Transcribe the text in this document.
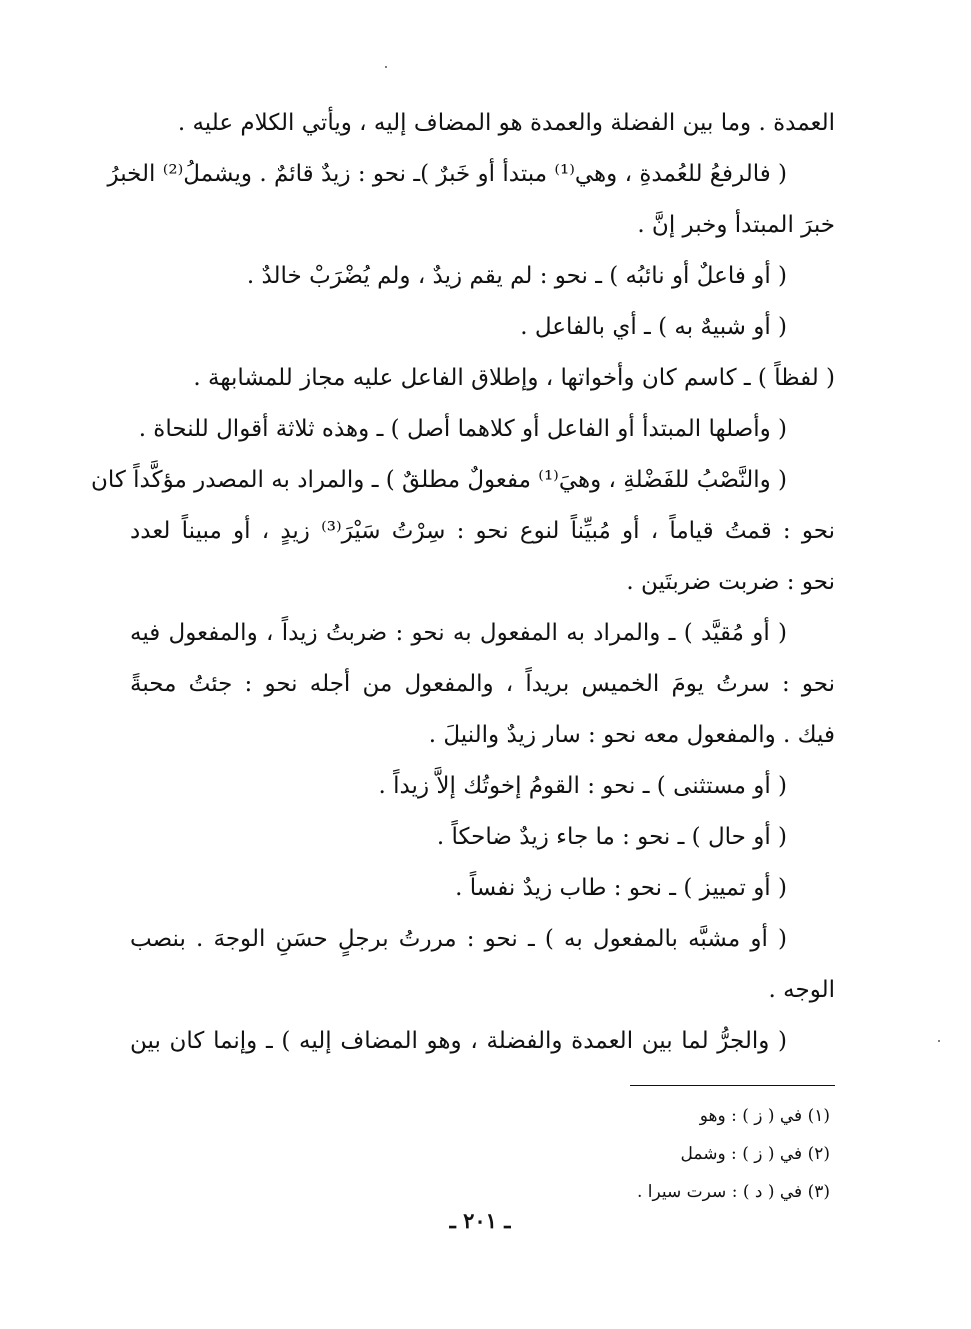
العمدة . وما بين الفضلة والعمدة هو المضاف إليه ، ويأتي الكلام عليه .
( فالرفعُ للعُمدةِ ، وهي⁽¹⁾ مبتدأ أو خَبرٌ )ـ نحو : زيدٌ قائمٌ . ويشملُ⁽²⁾ الخبرُ
خبرَ المبتدأ وخبر إنَّ .
( أو فاعلٌ أو نائبُه ) ـ نحو : لم يقم زيدٌ ، ولم يُضْرَبْ خالدٌ .
( أو شبيهٌ به ) ـ أي بالفاعل .
( لفظاً ) ـ كاسم كان وأخواتها ، وإطلاق الفاعل عليه مجاز للمشابهة .
( وأصلها المبتدأ أو الفاعل أو كلاهما أصل ) ـ وهذه ثلاثة أقوال للنحاة .
( والنَّصْبُ للفَضْلةِ ، وهيَ⁽¹⁾ مفعولٌ مطلقٌ ) ـ والمراد به المصدر مؤكَّداً كان
نحو : قمتُ قياماً ، أو مُبيِّناً لنوع نحو : سِرْتُ سَيْرَ⁽³⁾ زيدٍ ، أو مبيناً لعدد
نحو : ضربت ضربتَين .
( أو مُقيَّد ) ـ والمراد به المفعول به نحو : ضربتُ زيداً ، والمفعول فيه
نحو : سرتُ يومَ الخميس بريداً ، والمفعول من أجله نحو : جئتُ محبةً
فيك . والمفعول معه نحو : سار زيدٌ والنيلَ .
( أو مستثنى ) ـ نحو : القومُ إخوتُك إلاَّ زيداً .
( أو حال ) ـ نحو : ما جاء زيدٌ ضاحكاً .
( أو تمييز ) ـ نحو : طاب زيدٌ نفساً .
( أو مشبَّه بالمفعول به ) ـ نحو : مررتُ برجلٍ حسَنِ الوجهَ . بنصب
الوجه .
( والجرُّ لما بين العمدة والفضلة ، وهو المضاف إليه ) ـ وإنما كان بين
(١) في ( ز ) : وهو
(٢) في ( ز ) : وشمل
(٣) في ( د ) : سرت سيرا .
ـ ٢٠١ ـ
